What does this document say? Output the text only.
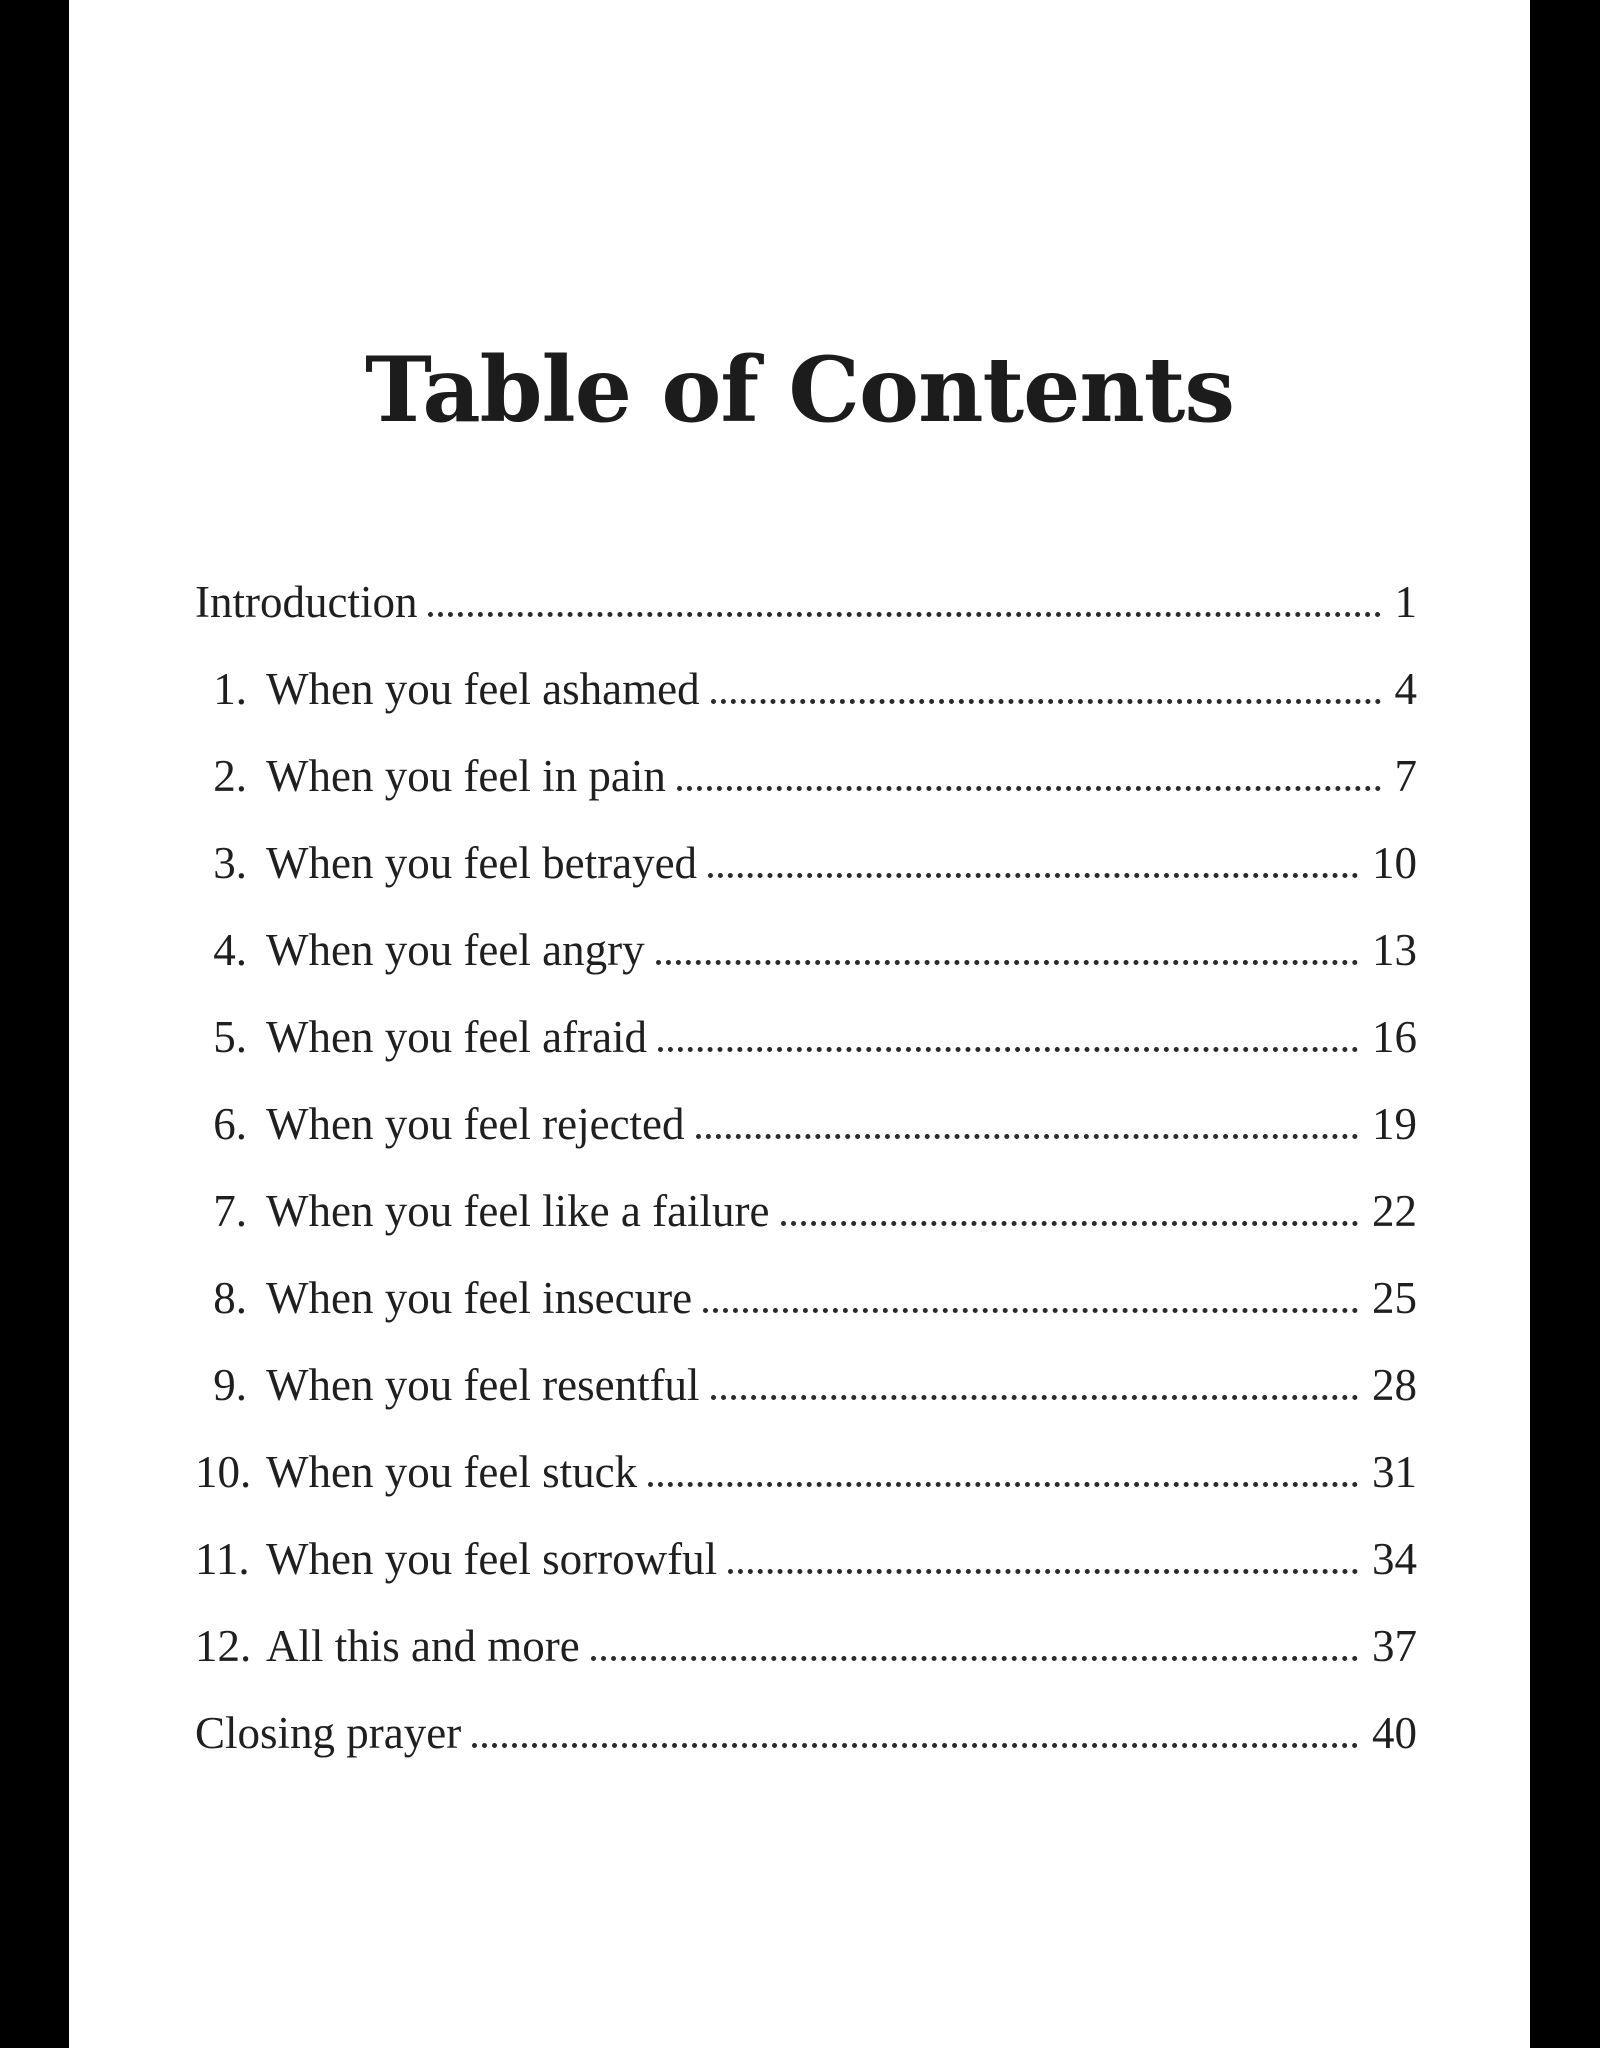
Table of Contents
Introduction	1
1. When you feel ashamed	4
2. When you feel in pain	7
3. When you feel betrayed	10
4. When you feel angry	13
5. When you feel afraid	16
6. When you feel rejected	19
7. When you feel like a failure	22
8. When you feel insecure	25
9. When you feel resentful	28
10. When you feel stuck	31
11. When you feel sorrowful	34
12. All this and more	37
Closing prayer	40
